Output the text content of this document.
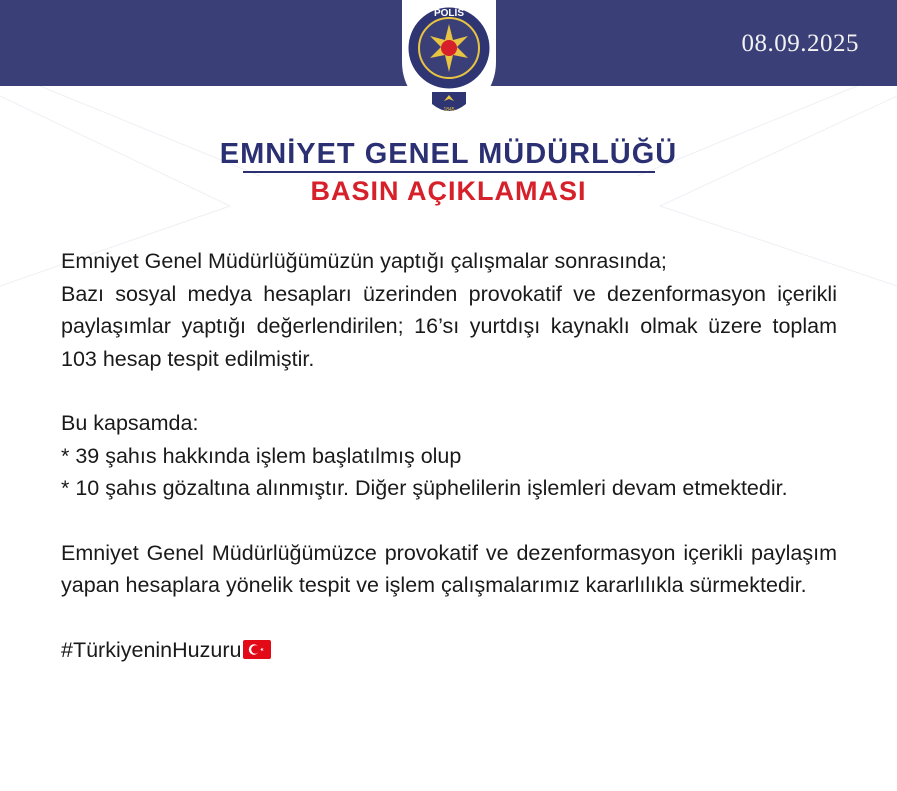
POLİS
1845
08.09.2025
EMNİYET GENEL MÜDÜRLÜĞÜ
BASIN AÇIKLAMASI

Emniyet Genel Müdürlüğümüzün yaptığı çalışmalar sonrasında;

Bazı sosyal medya hesapları üzerinden provokatif ve dezenformasyon içerikli paylaşımlar yaptığı değerlendirilen; 16’sı yurtdışı kaynaklı olmak üzere toplam 103 hesap tespit edilmiştir.

Bu kapsamda:

* 39 şahıs hakkında işlem başlatılmış olup

* 10 şahıs gözaltına alınmıştır. Diğer şüphelilerin işlemleri devam etmektedir.

Emniyet Genel Müdürlüğümüzce provokatif ve dezenformasyon içerikli paylaşım yapan hesaplara yönelik tespit ve işlem çalışmalarımız kararlılıkla sürmektedir.

#TürkiyeninHuzuru
